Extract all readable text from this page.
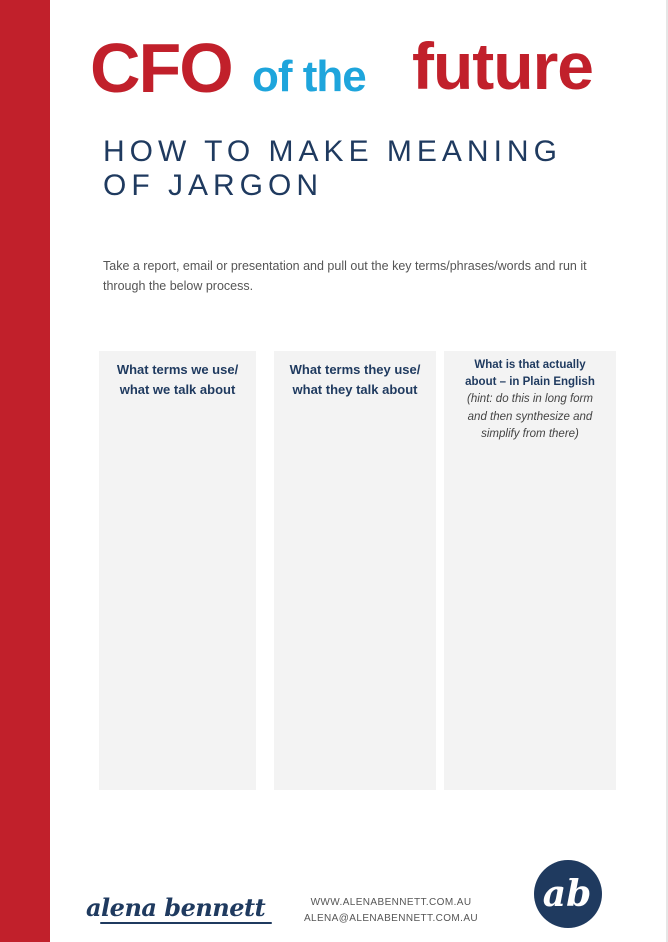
CFO of the future
HOW TO MAKE MEANING
OF JARGON
Take a report, email or presentation and pull out the key terms/phrases/words and run it through the below process.
What terms we use/
what we talk about
What terms they use/
what they talk about
What is that actually
about – in Plain English
(hint: do this in long form
and then synthesize and
simplify from there)
alena bennett	WWW.ALENABENNETT.COM.AU
ALENA@ALENABENNETT.COM.AU
ab
